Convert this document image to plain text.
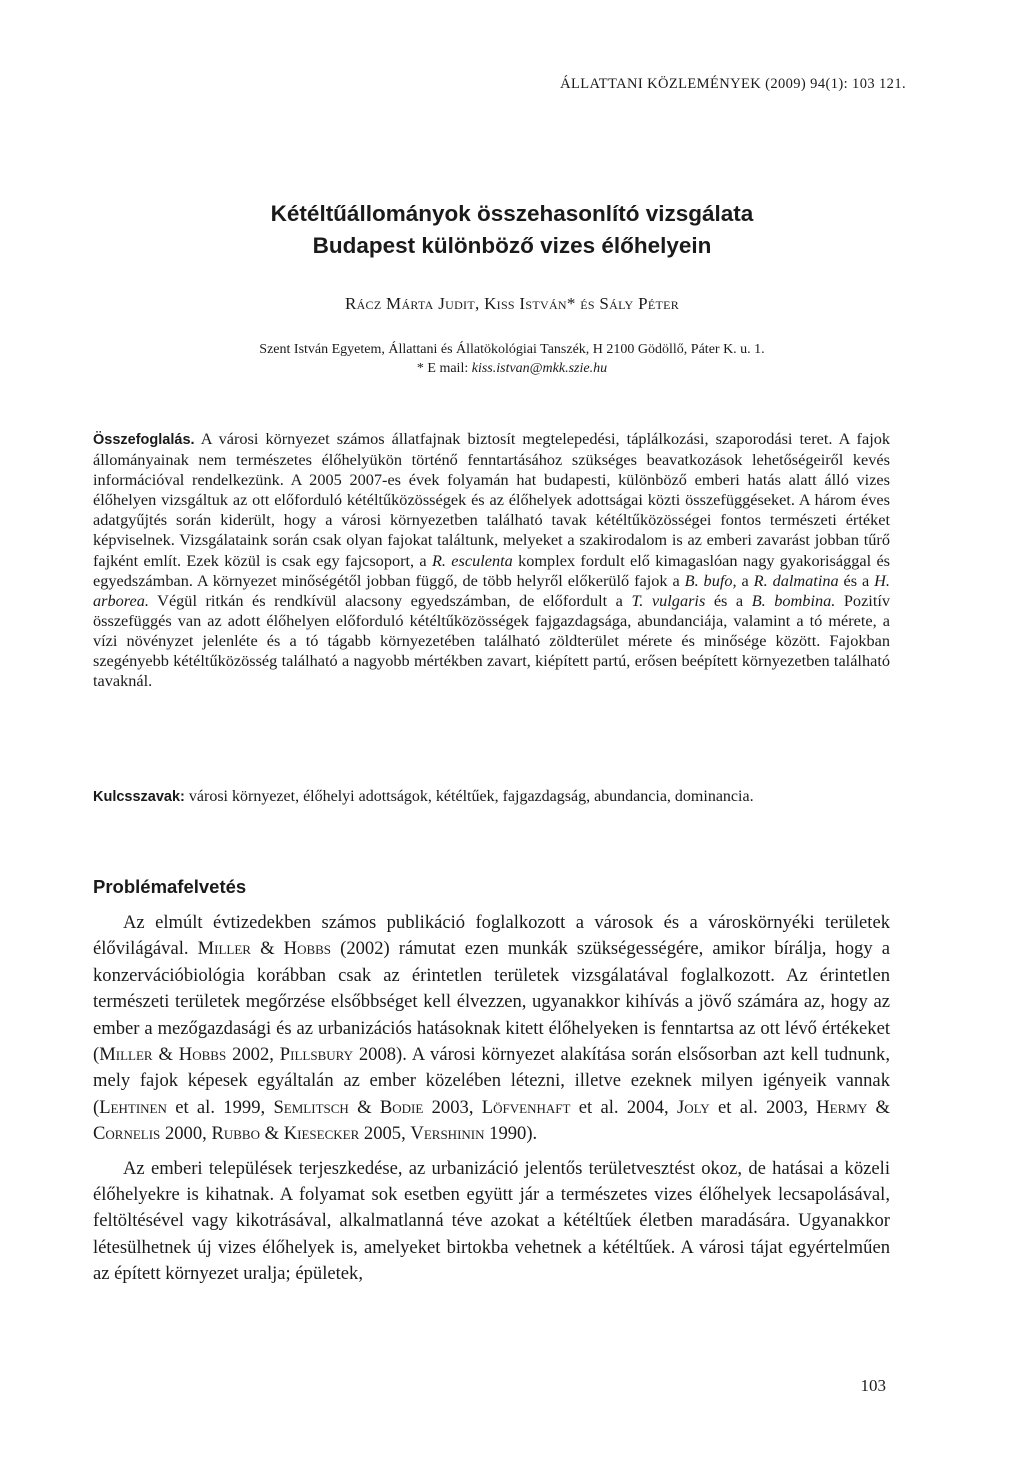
ÁLLATTANI KÖZLEMÉNYEK (2009) 94(1): 103 121.
Kétéltűállományok összehasonlító vizsgálata
Budapest különböző vizes élőhelyein
Rácz Márta Judit, Kiss István* és Sály Péter
Szent István Egyetem, Állattani és Állatökológiai Tanszék, H 2100 Gödöllő, Páter K. u. 1.
* E mail: kiss.istvan@mkk.szie.hu
Összefoglalás. A városi környezet számos állatfajnak biztosít megtelepedési, táplálkozási, szaporodási teret. A fajok állományainak nem természetes élőhelyükön történő fenntartásához szükséges beavatkozások lehetőségeiről kevés információval rendelkezünk. A 2005 2007-es évek folyamán hat budapesti, különböző emberi hatás alatt álló vizes élőhelyen vizsgáltuk az ott előforduló kétéltűközösségek és az élőhelyek adottságai közti összefüggéseket. A három éves adatgyűjtés során kiderült, hogy a városi környezetben található tavak kétéltűközösségei fontos természeti értéket képviselnek. Vizsgálataink során csak olyan fajokat találtunk, melyeket a szakirodalom is az emberi zavarást jobban tűrő fajként említ. Ezek közül is csak egy fajcsoport, a R. esculenta komplex fordult elő kimagaslóan nagy gyakorisággal és egyedszámban. A környezet minőségétől jobban függő, de több helyről előkerülő fajok a B. bufo, a R. dalmatina és a H. arborea. Végül ritkán és rendkívül alacsony egyedszámban, de előfordult a T. vulgaris és a B. bombina. Pozitív összefüggés van az adott élőhelyen előforduló kétéltűközösségek fajgazdagsága, abundanciája, valamint a tó mérete, a vízi növényzet jelenléte és a tó tágabb környezetében található zöldterület mérete és minősége között. Fajokban szegényebb kétéltűközösség található a nagyobb mértékben zavart, kiépített partú, erősen beépített környezetben található tavaknál.
Kulcsszavak: városi környezet, élőhelyi adottságok, kétéltűek, fajgazdagság, abundancia, dominancia.
Problémafelvetés

Az elmúlt évtizedekben számos publikáció foglalkozott a városok és a városkörnyéki területek élővilágával. Miller & Hobbs (2002) rámutat ezen munkák szükségességére, amikor bírálja, hogy a konzervációbiológia korábban csak az érintetlen területek vizsgálatával foglalkozott. Az érintetlen természeti területek megőrzése elsőbbséget kell élvezzen, ugyanakkor kihívás a jövő számára az, hogy az ember a mezőgazdasági és az urbanizációs hatásoknak kitett élőhelyeken is fenntartsa az ott lévő értékeket (Miller & Hobbs 2002, Pillsbury 2008). A városi környezet alakítása során elsősorban azt kell tudnunk, mely fajok képesek egyáltalán az ember közelében létezni, illetve ezeknek milyen igényeik vannak (Lehtinen et al. 1999, Semlitsch & Bodie 2003, Löfvenhaft et al. 2004, Joly et al. 2003, Hermy & Cornelis 2000, Rubbo & Kiesecker 2005, Vershinin 1990).

Az emberi települések terjeszkedése, az urbanizáció jelentős területvesztést okoz, de hatásai a közeli élőhelyekre is kihatnak. A folyamat sok esetben együtt jár a természetes vizes élőhelyek lecsapolásával, feltöltésével vagy kikotrásával, alkalmatlanná téve azokat a kétéltűek életben maradására. Ugyanakkor létesülhetnek új vizes élőhelyek is, amelyeket birtokba vehetnek a kétéltűek. A városi tájat egyértelműen az épített környezet uralja; épületek,

103
